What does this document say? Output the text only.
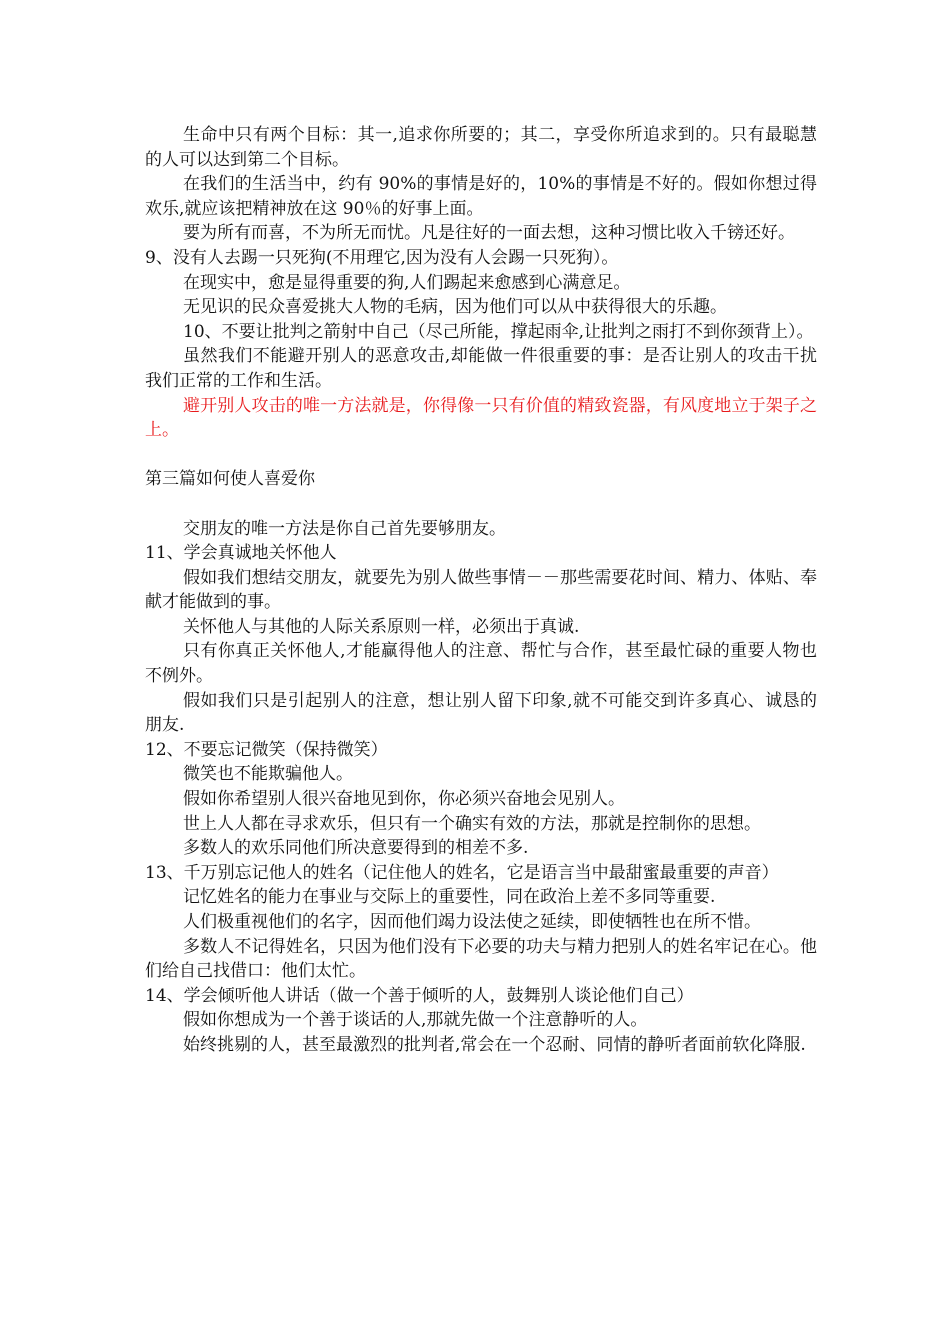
生命中只有两个目标：其一,追求你所要的；其二，享受你所追求到的。只有最聪慧的人可以达到第二个目标。

在我们的生活当中，约有 90%的事情是好的，10%的事情是不好的。假如你想过得欢乐,就应该把精神放在这 90％的好事上面。

要为所有而喜，不为所无而忧。凡是往好的一面去想，这种习惯比收入千镑还好。

9、没有人去踢一只死狗(不用理它,因为没有人会踢一只死狗）。

在现实中，愈是显得重要的狗,人们踢起来愈感到心满意足。

无见识的民众喜爱挑大人物的毛病，因为他们可以从中获得很大的乐趣。

10、不要让批判之箭射中自己（尽己所能，撑起雨伞,让批判之雨打不到你颈背上）。

虽然我们不能避开别人的恶意攻击,却能做一件很重要的事：是否让别人的攻击干扰我们正常的工作和生活。

避开别人攻击的唯一方法就是，你得像一只有价值的精致瓷器，有风度地立于架子之上。

第三篇如何使人喜爱你

交朋友的唯一方法是你自己首先要够朋友。

11、学会真诚地关怀他人

假如我们想结交朋友，就要先为别人做些事情－－那些需要花时间、精力、体贴、奉献才能做到的事。

关怀他人与其他的人际关系原则一样，必须出于真诚.

只有你真正关怀他人,才能赢得他人的注意、帮忙与合作，甚至最忙碌的重要人物也不例外。

假如我们只是引起别人的注意，想让别人留下印象,就不可能交到许多真心、诚恳的朋友.

12、不要忘记微笑（保持微笑）

微笑也不能欺骗他人。

假如你希望别人很兴奋地见到你，你必须兴奋地会见别人。

世上人人都在寻求欢乐，但只有一个确实有效的方法，那就是控制你的思想。

多数人的欢乐同他们所决意要得到的相差不多.

13、千万别忘记他人的姓名（记住他人的姓名，它是语言当中最甜蜜最重要的声音）

记忆姓名的能力在事业与交际上的重要性，同在政治上差不多同等重要.

人们极重视他们的名字，因而他们竭力设法使之延续，即使牺牲也在所不惜。

多数人不记得姓名，只因为他们没有下必要的功夫与精力把别人的姓名牢记在心。他们给自己找借口：他们太忙。

14、学会倾听他人讲话（做一个善于倾听的人，鼓舞别人谈论他们自己）

假如你想成为一个善于谈话的人,那就先做一个注意静听的人。

始终挑剔的人，甚至最激烈的批判者,常会在一个忍耐、同情的静听者面前软化降服.
